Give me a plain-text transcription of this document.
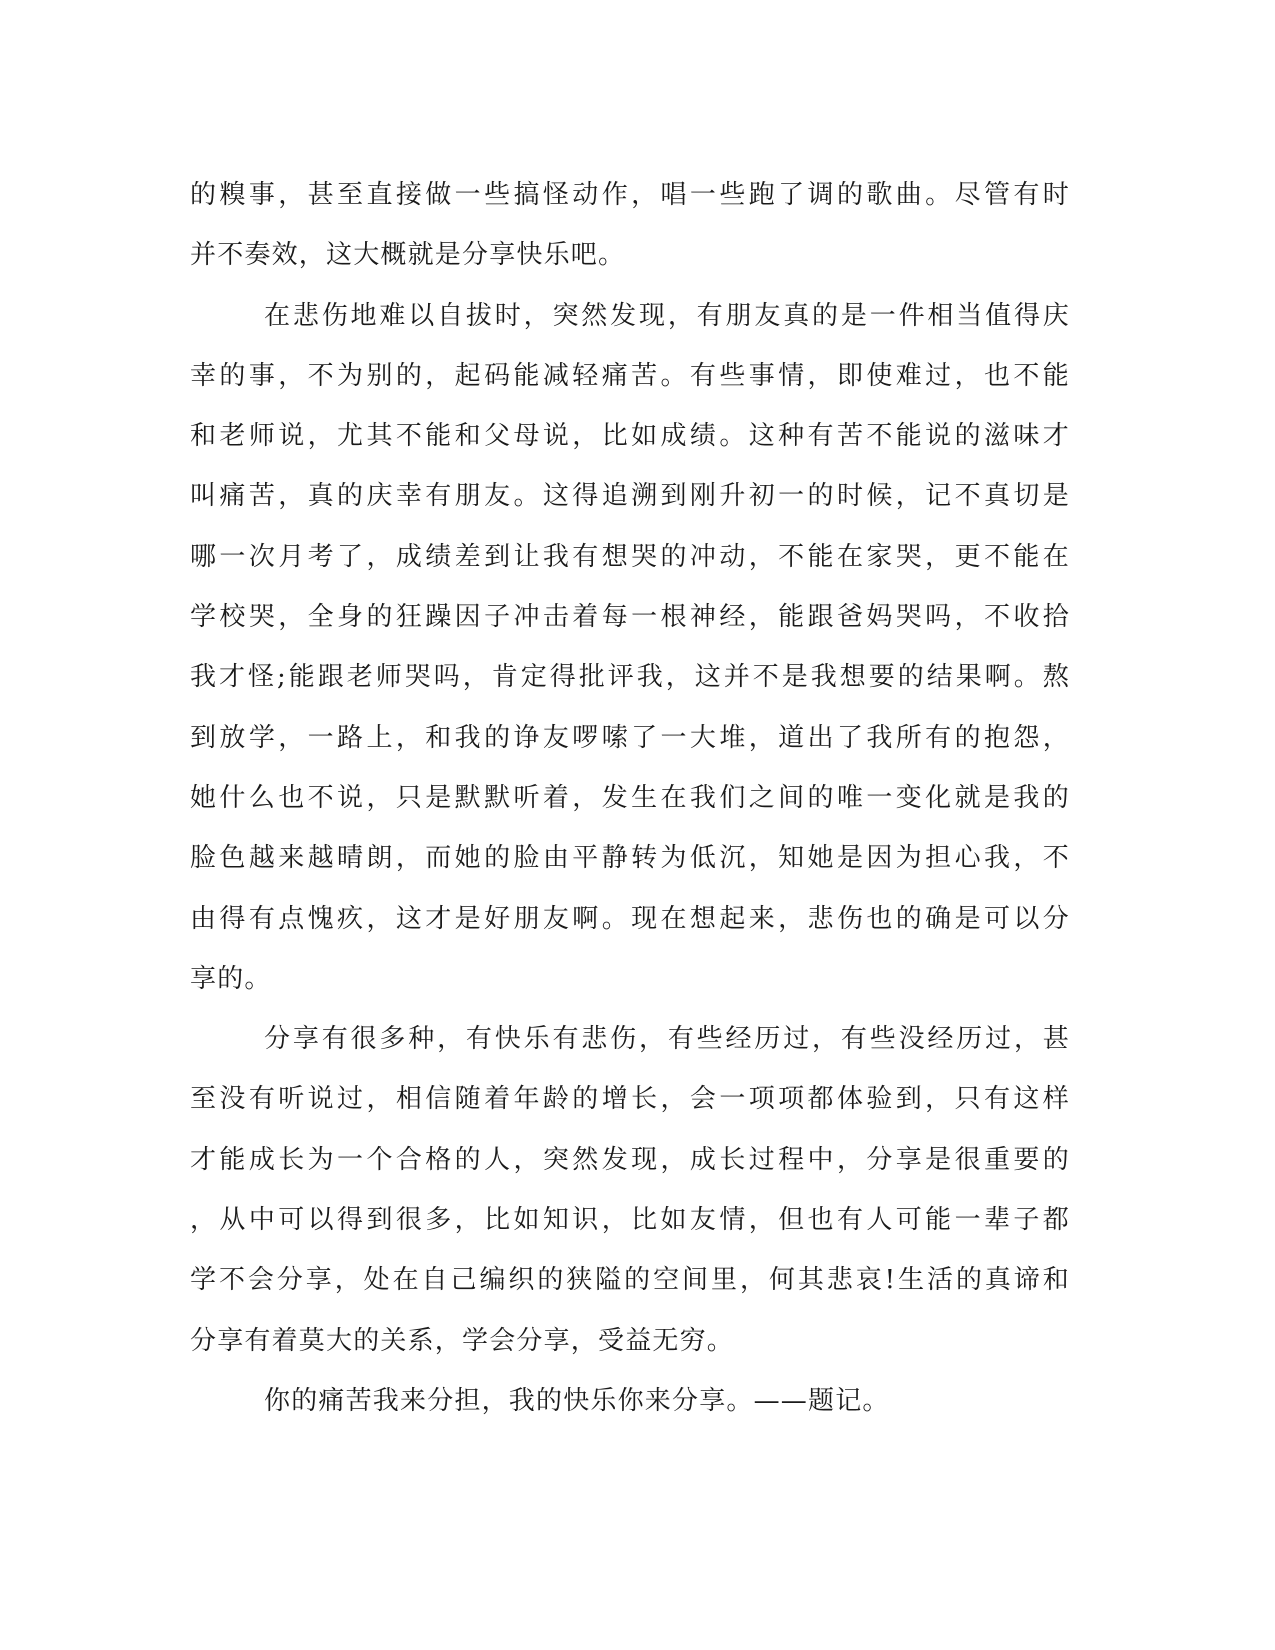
的糗事，甚至直接做一些搞怪动作，唱一些跑了调的歌曲。尽管有时
并不奏效，这大概就是分享快乐吧。
在悲伤地难以自拔时，突然发现，有朋友真的是一件相当值得庆
幸的事，不为别的，起码能减轻痛苦。有些事情，即使难过，也不能
和老师说，尤其不能和父母说，比如成绩。这种有苦不能说的滋味才
叫痛苦，真的庆幸有朋友。这得追溯到刚升初一的时候，记不真切是
哪一次月考了，成绩差到让我有想哭的冲动，不能在家哭，更不能在
学校哭，全身的狂躁因子冲击着每一根神经，能跟爸妈哭吗，不收拾
我才怪;能跟老师哭吗，肯定得批评我，这并不是我想要的结果啊。熬
到放学，一路上，和我的诤友啰嗦了一大堆，道出了我所有的抱怨，
她什么也不说，只是默默听着，发生在我们之间的唯一变化就是我的
脸色越来越晴朗，而她的脸由平静转为低沉，知她是因为担心我，不
由得有点愧疚，这才是好朋友啊。现在想起来，悲伤也的确是可以分
享的。
分享有很多种，有快乐有悲伤，有些经历过，有些没经历过，甚
至没有听说过，相信随着年龄的增长，会一项项都体验到，只有这样
才能成长为一个合格的人，突然发现，成长过程中，分享是很重要的
，从中可以得到很多，比如知识，比如友情，但也有人可能一辈子都
学不会分享，处在自己编织的狭隘的空间里，何其悲哀!生活的真谛和
分享有着莫大的关系，学会分享，受益无穷。
你的痛苦我来分担，我的快乐你来分享。——题记。
